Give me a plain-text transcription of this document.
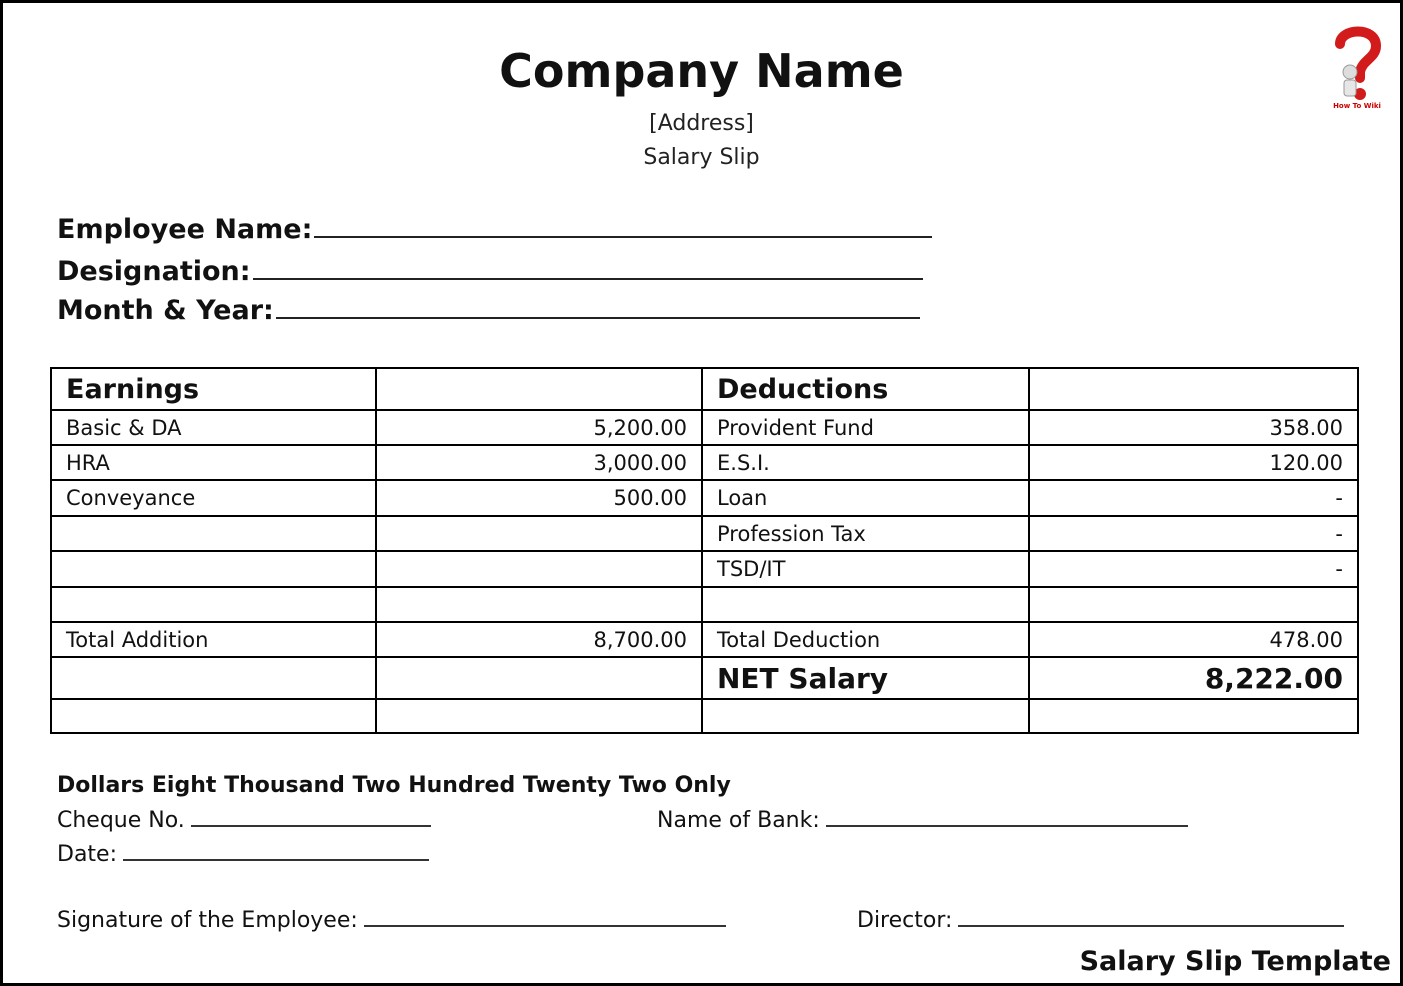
Company Name
[Address]
Salary Slip
How To Wiki
Employee Name:
Designation:
Month & Year:
Earnings		Deductions	
Basic & DA	5,200.00	Provident Fund	358.00
HRA	3,000.00	E.S.I.	120.00
Conveyance	500.00	Loan	-
		Profession Tax	-
		TSD/IT	-

Total Addition	8,700.00	Total Deduction	478.00
		NET Salary	8,222.00

Dollars Eight Thousand Two Hundred Twenty Two Only
Cheque No.	Name of Bank:
Date:
Signature of the Employee:	Director:
Salary Slip Template
